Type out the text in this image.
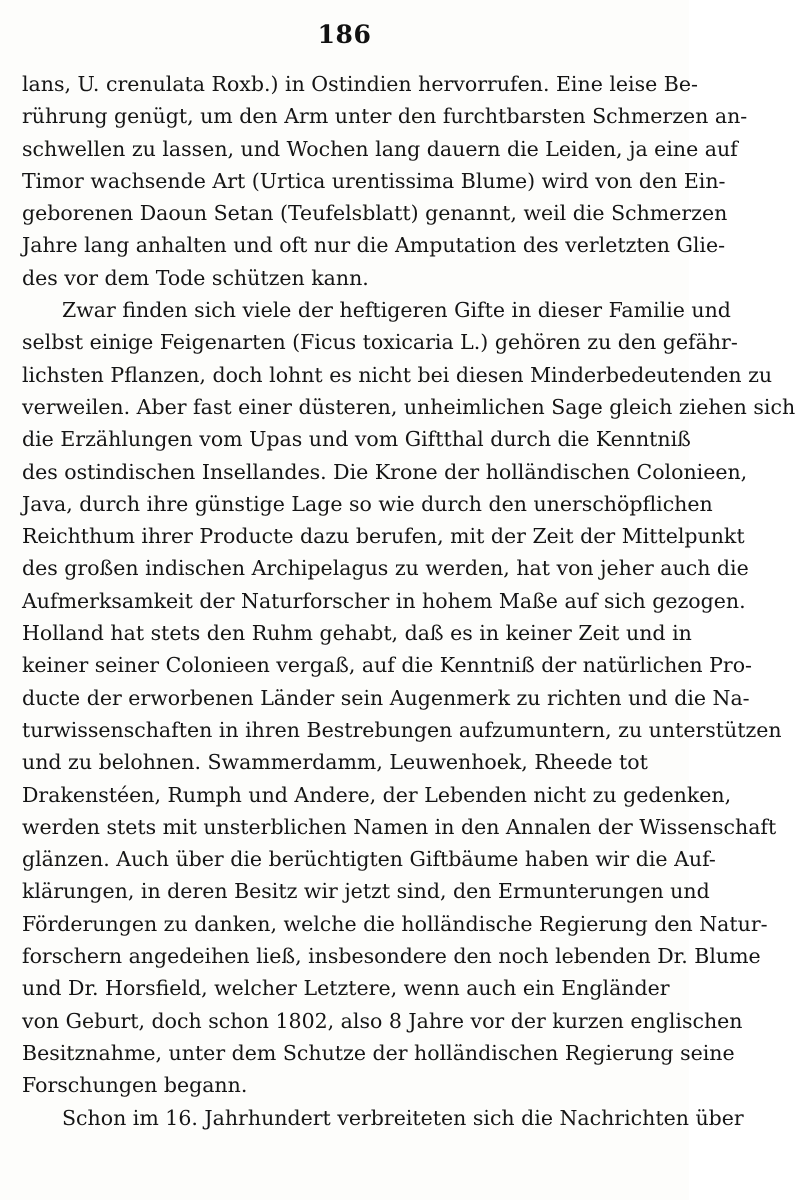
186
lans, U. crenulata Roxb.) in Ostindien hervorrufen. Eine leise Be-
rührung genügt, um den Arm unter den furchtbarsten Schmerzen an-
schwellen zu lassen, und Wochen lang dauern die Leiden, ja eine auf
Timor wachsende Art (Urtica urentissima Blume) wird von den Ein-
geborenen Daoun Setan (Teufelsblatt) genannt, weil die Schmerzen
Jahre lang anhalten und oft nur die Amputation des verletzten Glie-
des vor dem Tode schützen kann.
Zwar finden sich viele der heftigeren Gifte in dieser Familie und
selbst einige Feigenarten (Ficus toxicaria L.) gehören zu den gefähr-
lichsten Pflanzen, doch lohnt es nicht bei diesen Minderbedeutenden zu
verweilen. Aber fast einer düsteren, unheimlichen Sage gleich ziehen sich
die Erzählungen vom Upas und vom Giftthal durch die Kenntniß
des ostindischen Insellandes. Die Krone der holländischen Colonieen,
Java, durch ihre günstige Lage so wie durch den unerschöpflichen
Reichthum ihrer Producte dazu berufen, mit der Zeit der Mittelpunkt
des großen indischen Archipelagus zu werden, hat von jeher auch die
Aufmerksamkeit der Naturforscher in hohem Maße auf sich gezogen.
Holland hat stets den Ruhm gehabt, daß es in keiner Zeit und in
keiner seiner Colonieen vergaß, auf die Kenntniß der natürlichen Pro-
ducte der erworbenen Länder sein Augenmerk zu richten und die Na-
turwissenschaften in ihren Bestrebungen aufzumuntern, zu unterstützen
und zu belohnen. Swammerdamm, Leuwenhoek, Rheede tot
Drakenstéen, Rumph und Andere, der Lebenden nicht zu gedenken,
werden stets mit unsterblichen Namen in den Annalen der Wissenschaft
glänzen. Auch über die berüchtigten Giftbäume haben wir die Auf-
klärungen, in deren Besitz wir jetzt sind, den Ermunterungen und
Förderungen zu danken, welche die holländische Regierung den Natur-
forschern angedeihen ließ, insbesondere den noch lebenden Dr. Blume
und Dr. Horsfield, welcher Letztere, wenn auch ein Engländer
von Geburt, doch schon 1802, also 8 Jahre vor der kurzen englischen
Besitznahme, unter dem Schutze der holländischen Regierung seine
Forschungen begann.
Schon im 16. Jahrhundert verbreiteten sich die Nachrichten über
